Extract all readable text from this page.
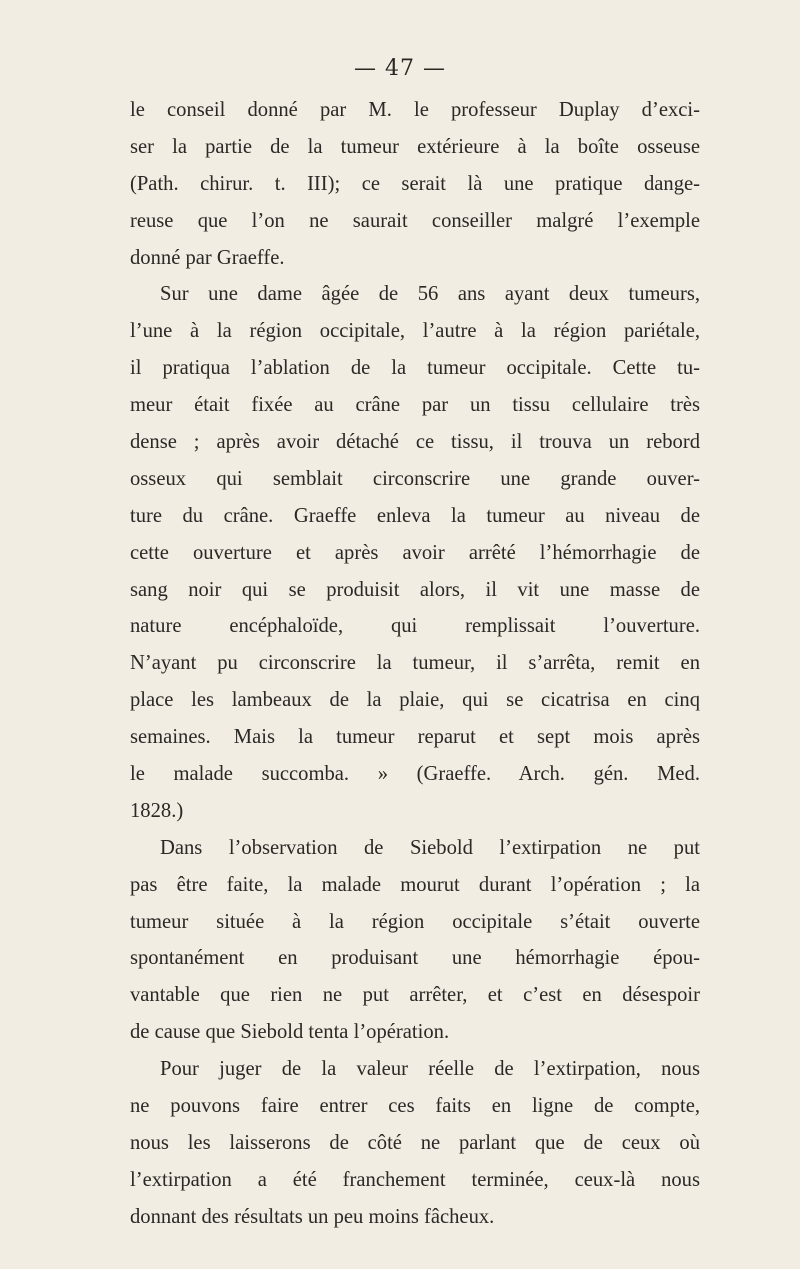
— 47 —
le conseil donné par M. le professeur Duplay d’exci-
ser la partie de la tumeur extérieure à la boîte osseuse
(Path. chirur. t. III); ce serait là une pratique dange-
reuse que l’on ne saurait conseiller malgré l’exemple
donné par Graeffe.
Sur une dame âgée de 56 ans ayant deux tumeurs,
l’une à la région occipitale, l’autre à la région pariétale,
il pratiqua l’ablation de la tumeur occipitale. Cette tu-
meur était fixée au crâne par un tissu cellulaire très
dense ; après avoir détaché ce tissu, il trouva un rebord
osseux qui semblait circonscrire une grande ouver-
ture du crâne. Graeffe enleva la tumeur au niveau de
cette ouverture et après avoir arrêté l’hémorrhagie de
sang noir qui se produisit alors, il vit une masse de
nature encéphaloïde, qui remplissait l’ouverture.
N’ayant pu circonscrire la tumeur, il s’arrêta, remit en
place les lambeaux de la plaie, qui se cicatrisa en cinq
semaines. Mais la tumeur reparut et sept mois après
le malade succomba. » (Graeffe. Arch. gén. Med.
1828.)
Dans l’observation de Siebold l’extirpation ne put
pas être faite, la malade mourut durant l’opération ; la
tumeur située à la région occipitale s’était ouverte
spontanément en produisant une hémorrhagie épou-
vantable que rien ne put arrêter, et c’est en désespoir
de cause que Siebold tenta l’opération.
Pour juger de la valeur réelle de l’extirpation, nous
ne pouvons faire entrer ces faits en ligne de compte,
nous les laisserons de côté ne parlant que de ceux où
l’extirpation a été franchement terminée, ceux-là nous
donnant des résultats un peu moins fâcheux.
